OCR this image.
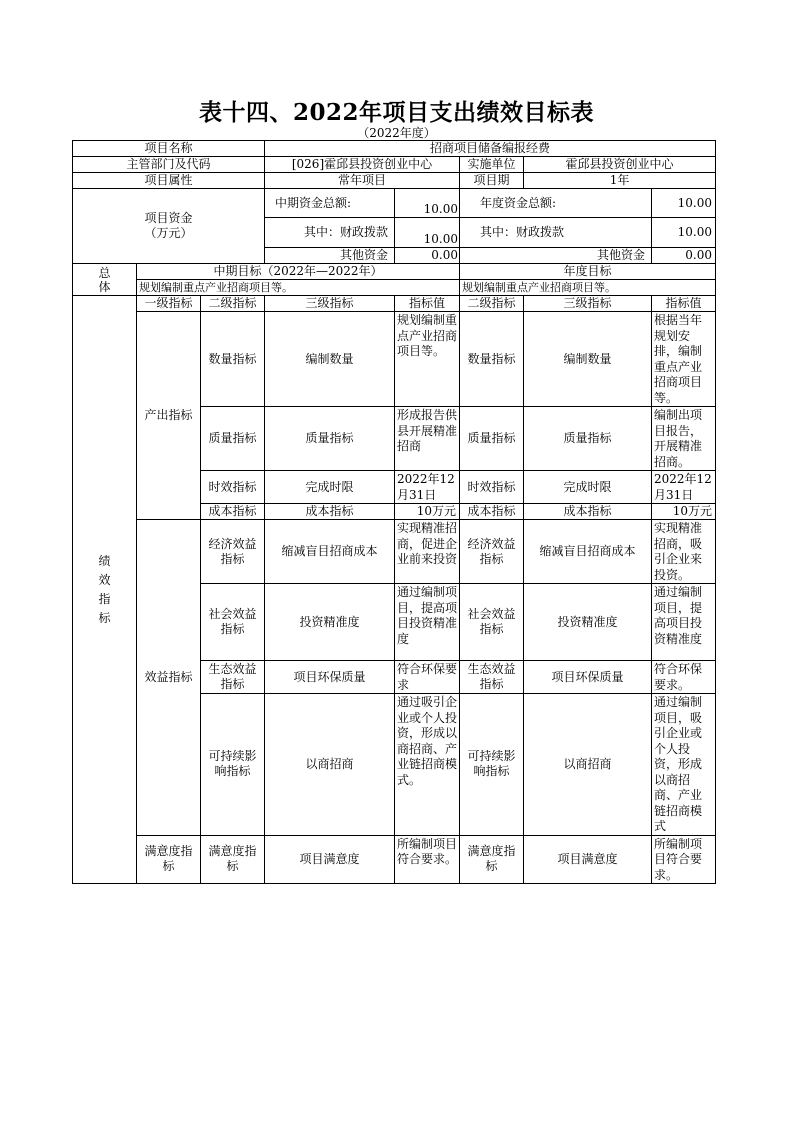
表十四、2022年项目支出绩效目标表
（2022年度）
项目名称			招商项目储备编报经费				
主管部门及代码			[026]霍邱县投资创业中心		实施单位	霍邱县投资创业中心	
项目属性			常年项目		项目期	1年	
项目资金
（万元）			中期资金总额:	10.00	年度资金总额:		10.00
			其中：财政拨款	10.00	其中：财政拨款		10.00
			其他资金	0.00	其他资金		0.00
总
体	中期目标（2022年—2022年）				年度目标		
	规划编制重点产业招商项目等。				规划编制重点产业招商项目等。		
绩
效
指
标	一级指标	二级指标	三级指标	指标值	二级指标	三级指标	指标值
	产出指标	数量指标	编制数量	规划编制重点产业招商项目等。	数量指标	编制数量	根据当年规划安排，编制重点产业招商项目等。
		质量指标	质量指标	形成报告供县开展精准招商	质量指标	质量指标	编制出项目报告，开展精准招商。
		时效指标	完成时限	2022年12月31日	时效指标	完成时限	2022年12月31日
		成本指标	成本指标	10万元	成本指标	成本指标	10万元
	效益指标	经济效益指标	缩减盲目招商成本	实现精准招商，促进企业前来投资	经济效益指标	缩减盲目招商成本	实现精准招商，吸引企业来投资。
		社会效益指标	投资精准度	通过编制项目，提高项目投资精准度	社会效益指标	投资精准度	通过编制项目，提高项目投资精准度
		生态效益指标	项目环保质量	符合环保要求	生态效益指标	项目环保质量	符合环保要求。
		可持续影响指标	以商招商	通过吸引企业或个人投资，形成以商招商、产业链招商模式。	可持续影响指标	以商招商	通过编制项目，吸引企业或个人投资，形成以商招商、产业链招商模式
	满意度指标	满意度指标	项目满意度	所编制项目符合要求。	满意度指标	项目满意度	所编制项目符合要求。
